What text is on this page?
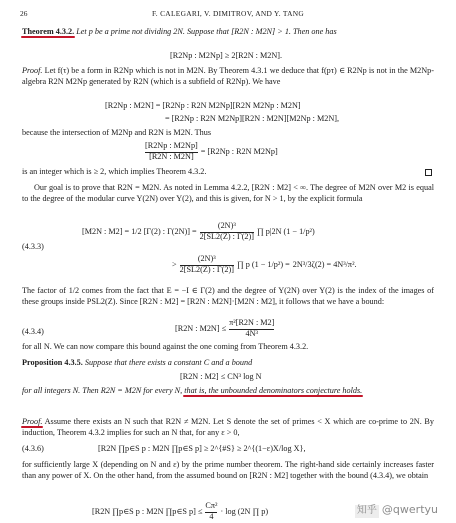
26	F. CALEGARI, V. DIMITROV, AND Y. TANG
Theorem 4.3.2. Let p be a prime not dividing 2N. Suppose that [R2N : M2N] > 1. Then one has
[R2Np : M2Np] ≥ 2[R2N : M2N].
Proof. Let f(τ) be a form in R2Np which is not in M2N. By Theorem 4.3.1 we deduce that f(pτ) ∈ R2Np is not in the M2Np-algebra R2N M2Np generated by R2N (which is a subfield of R2Np). We have
[R2Np : M2N] = [R2Np : R2N M2Np][R2N M2Np : M2N]
= [R2Np : R2N M2Np][R2N : M2N][M2Np : M2N],
because the intersection of M2Np and R2N is M2N. Thus
[R2Np : M2Np]
[R2N : M2N]
= [R2Np : R2N M2Np]
is an integer which is ≥ 2, which implies Theorem 4.3.2.
Our goal is to prove that R2N = M2N. As noted in Lemma 4.2.2, [R2N : M2] < ∞. The degree of M2N over M2 is equal to the degree of the modular curve Y(2N) over Y(2), and this is given, for N > 1, by the explicit formula
(4.3.3)
[M2N : M2] = 1/2 [Γ(2) : Γ(2N)] =
(2N)³
2[SL2(Z) : Γ(2)]
∏ p|2N (1 − 1/p²)
>
(2N)³
2[SL2(Z) : Γ(2)]
∏ p (1 − 1/p²) = 2N³/3ζ(2) = 4N³/π².
The factor of 1/2 comes from the fact that E = −I ∈ Γ(2) and the degree of Y(2N) over Y(2) is the index of the images of these groups inside PSL2(Z). Since [R2N : M2] = [R2N : M2N]·[M2N : M2], it follows that we have a bound:
(4.3.4)	[R2N : M2N] ≤
π²[R2N : M2]
4N³
for all N. We can now compare this bound against the one coming from Theorem 4.3.2.
Proposition 4.3.5. Suppose that there exists a constant C and a bound
[R2N : M2] ≤ CN³ log N
for all integers N. Then R2N = M2N for every N, that is, the unbounded denominators conjecture holds.
Proof. Assume there exists an N such that R2N ≠ M2N. Let S denote the set of primes < X which are co-prime to 2N. By induction, Theorem 4.3.2 implies for such an N that, for any ε > 0,
(4.3.6)	[R2N ∏p∈S p : M2N ∏p∈S p] ≥ 2^{#S} ≥ 2^{(1−ε)X/log X},
for sufficiently large X (depending on N and ε) by the prime number theorem. The right-hand side certainly increases faster than any power of X. On the other hand, from the assumed bound on [R2N : M2] together with the bound (4.3.4), we obtain
[R2N ∏p∈S p : M2N ∏p∈S p] ≤
Cπ²
4
· log (2N ∏ p)	知乎 @qwertyu
